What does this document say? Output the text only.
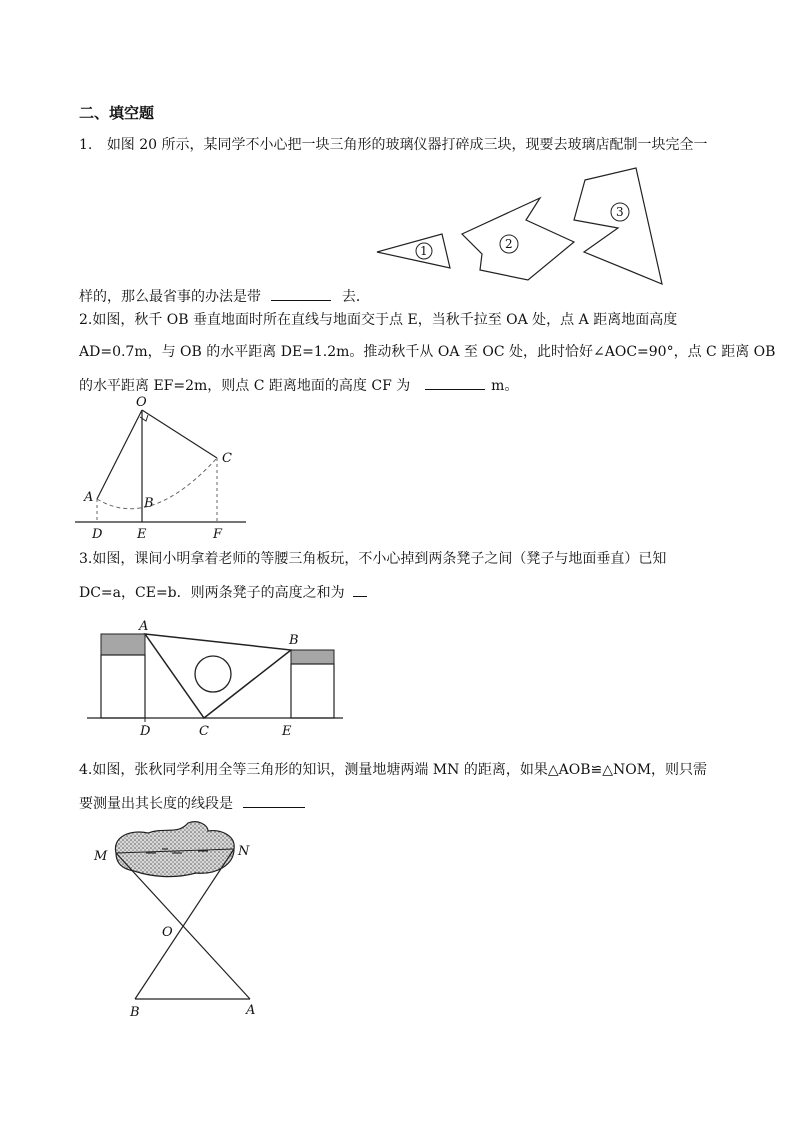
二、填空题
1. 如图 20 所示，某同学不小心把一块三角形的玻璃仪器打碎成三块，现要去玻璃店配制一块完全一
1	2
3
样的，那么最省事的办法是带	去．
2.如图，秋千 OB 垂直地面时所在直线与地面交于点 E，当秋千拉至 OA 处，点 A 距离地面高度
AD=0.7m，与 OB 的水平距离 DE=1.2m。推动秋千从 OA 至 OC 处，此时恰好∠AOC=90°，点 C 距离 OB
的水平距离 EF=2m，则点 C 距离地面的高度 CF 为	m。
O
A	B
C
D	E	F
3.如图，课间小明拿着老师的等腰三角板玩，不小心掉到两条凳子之间（凳子与地面垂直）已知
DC=a，CE=b．则两条凳子的高度之和为
A
B
C
D	E
4.如图，张秋同学利用全等三角形的知识，测量地塘两端 MN 的距离，如果△AOB≌△NOM，则只需
要测量出其长度的线段是
M	N
O
B	A
